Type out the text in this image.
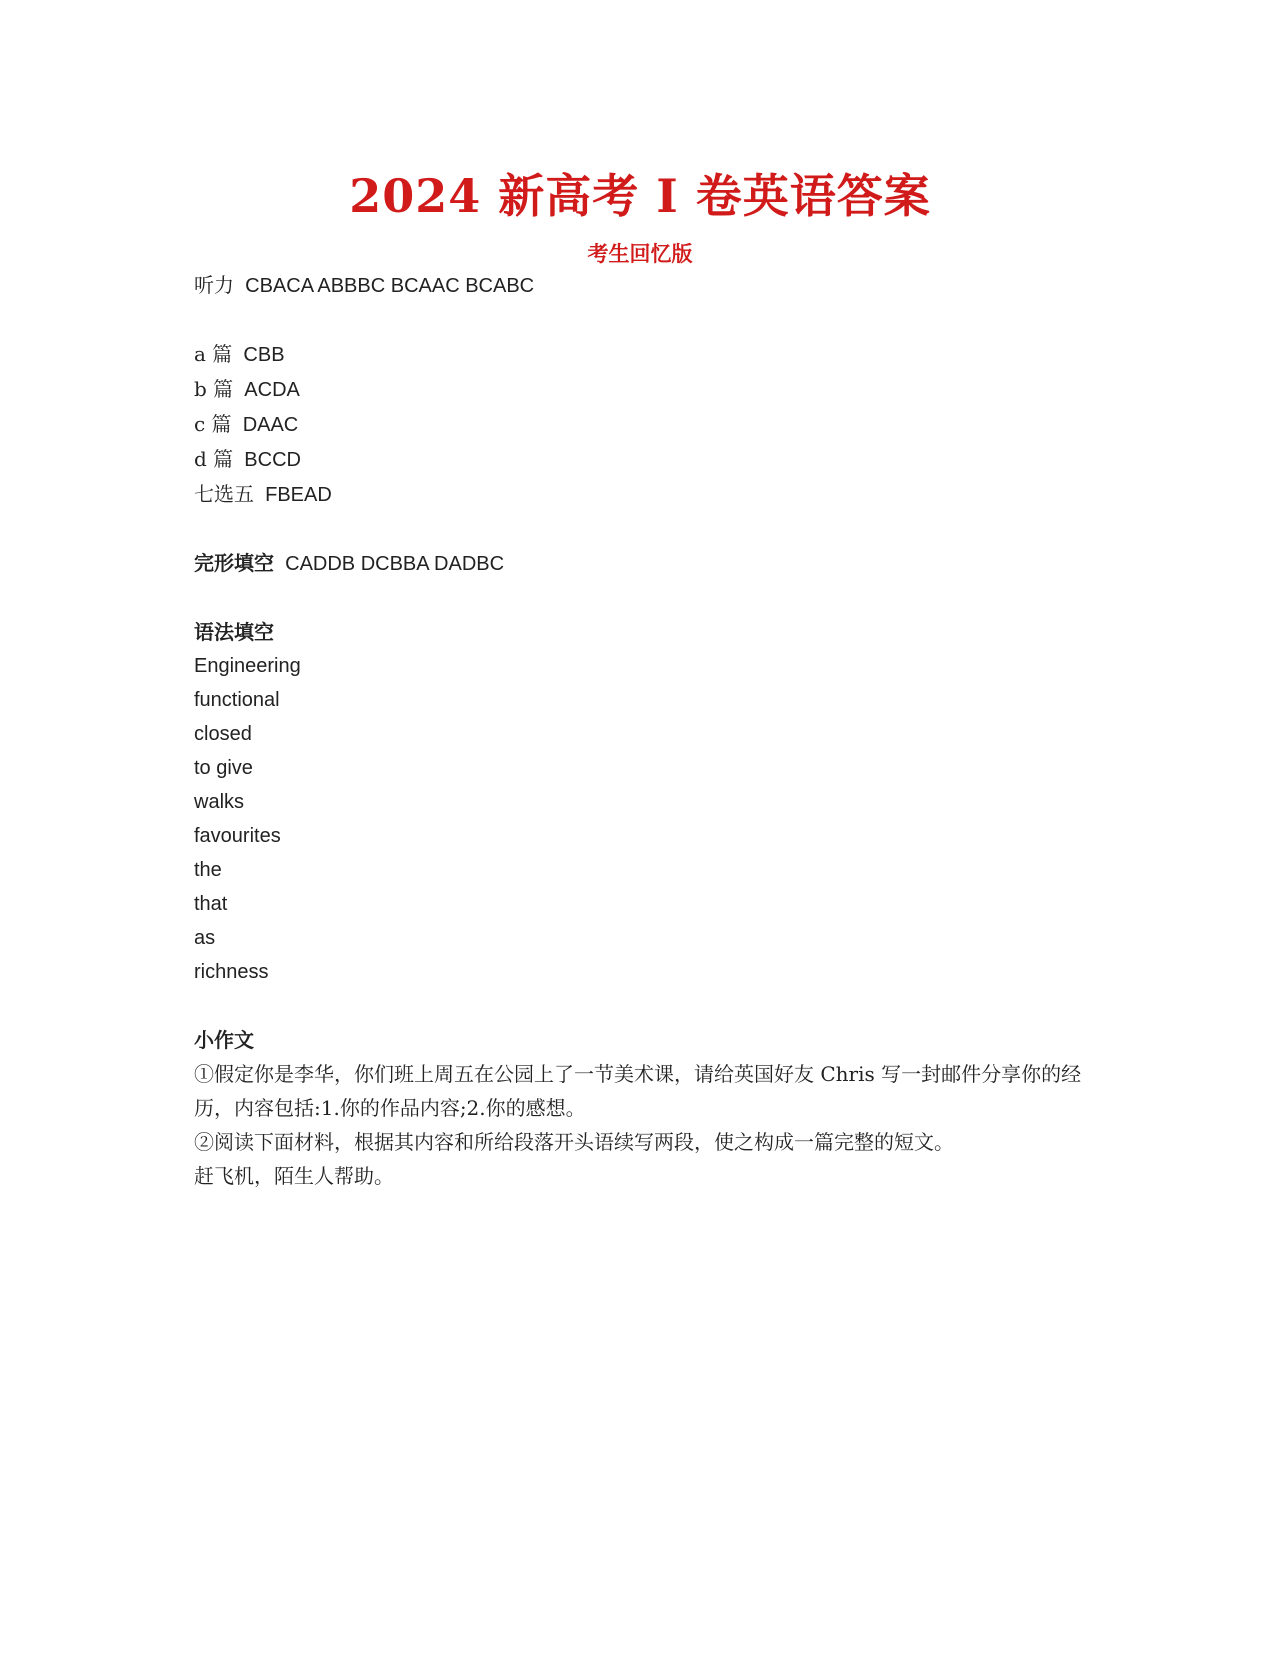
2024 新高考 I 卷英语答案
考生回忆版
听力 CBACA ABBBC BCAAC BCABC
a 篇 CBB
b 篇 ACDA
c 篇 DAAC
d 篇 BCCD
七选五 FBEAD
完形填空 CADDB DCBBA DADBC
语法填空
Engineering
functional
closed
to give
walks
favourites
the
that
as
richness
小作文
①假定你是李华，你们班上周五在公园上了一节美术课，请给英国好友 Chris 写一封邮件分享你的经历，内容包括:1.你的作品内容;2.你的感想。
②阅读下面材料，根据其内容和所给段落开头语续写两段，使之构成一篇完整的短文。
赶飞机，陌生人帮助。
